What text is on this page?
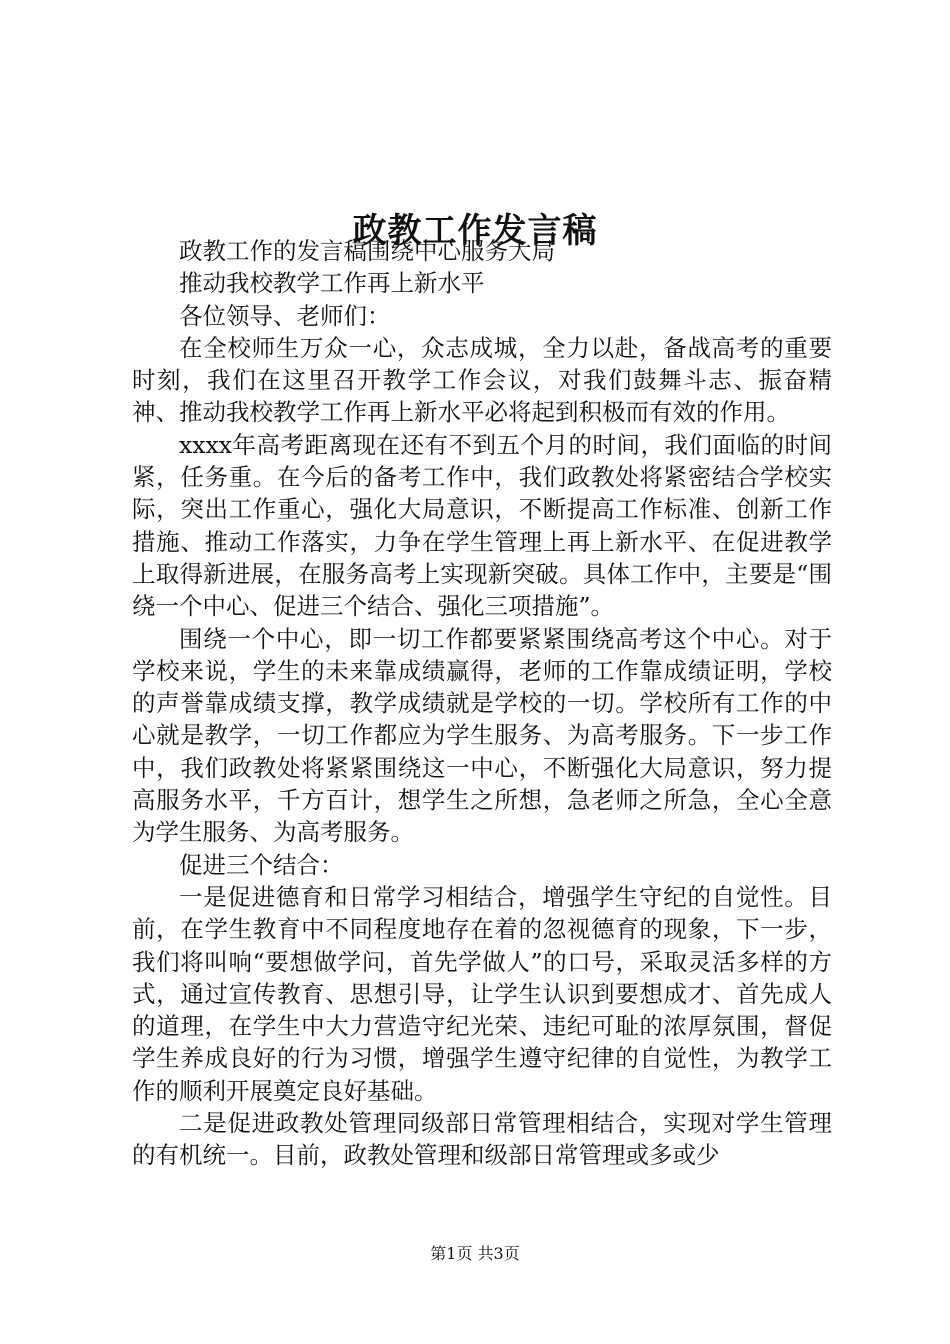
政教工作发言稿

政教工作的发言稿围绕中心服务大局

推动我校教学工作再上新水平

各位领导、老师们：

在全校师生万众一心，众志成城，全力以赴，备战高考的重要时刻，我们在这里召开教学工作会议，对我们鼓舞斗志、振奋精神、推动我校教学工作再上新水平必将起到积极而有效的作用。

xxxx年高考距离现在还有不到五个月的时间，我们面临的时间紧，任务重。在今后的备考工作中，我们政教处将紧密结合学校实际，突出工作重心，强化大局意识，不断提高工作标准、创新工作措施、推动工作落实，力争在学生管理上再上新水平、在促进教学上取得新进展，在服务高考上实现新突破。具体工作中，主要是“围绕一个中心、促进三个结合、强化三项措施”。

围绕一个中心，即一切工作都要紧紧围绕高考这个中心。对于学校来说，学生的未来靠成绩赢得，老师的工作靠成绩证明，学校的声誉靠成绩支撑，教学成绩就是学校的一切。学校所有工作的中心就是教学，一切工作都应为学生服务、为高考服务。下一步工作中，我们政教处将紧紧围绕这一中心，不断强化大局意识，努力提高服务水平，千方百计，想学生之所想，急老师之所急，全心全意为学生服务、为高考服务。

促进三个结合：

一是促进德育和日常学习相结合，增强学生守纪的自觉性。目前，在学生教育中不同程度地存在着的忽视德育的现象，下一步，我们将叫响“要想做学问，首先学做人”的口号，采取灵活多样的方式，通过宣传教育、思想引导，让学生认识到要想成才、首先成人的道理，在学生中大力营造守纪光荣、违纪可耻的浓厚氛围，督促学生养成良好的行为习惯，增强学生遵守纪律的自觉性，为教学工作的顺利开展奠定良好基础。

二是促进政教处管理同级部日常管理相结合，实现对学生管理的有机统一。目前，政教处管理和级部日常管理或多或少

第1页 共3页
